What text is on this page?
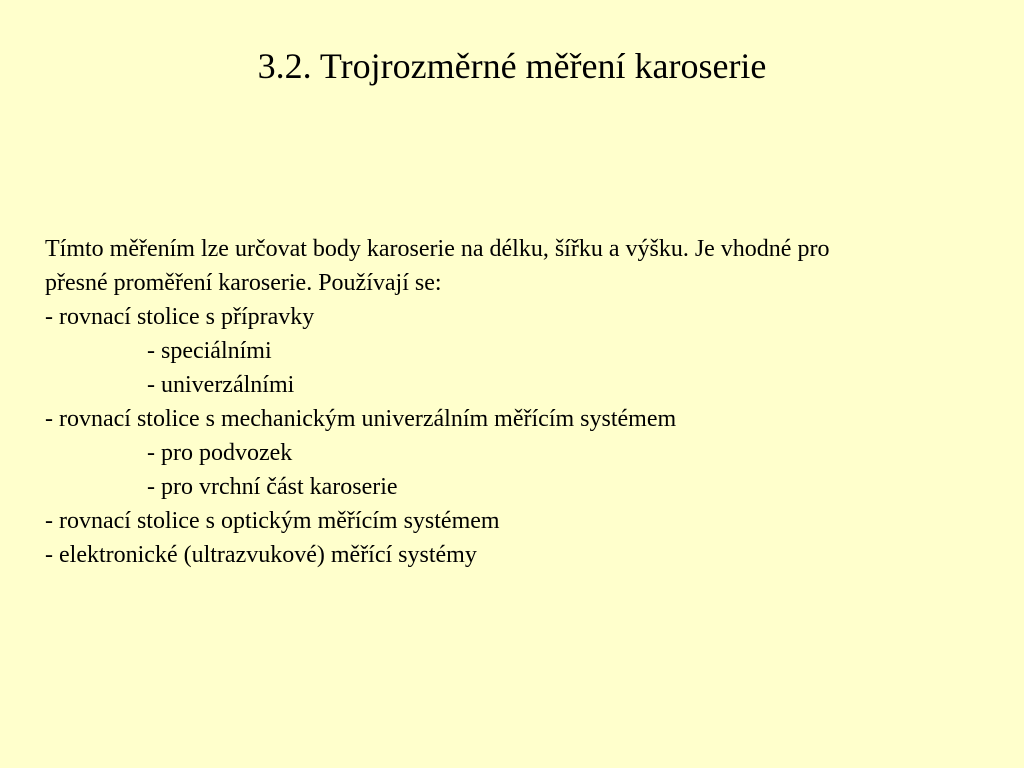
3.2. Trojrozměrné měření karoserie
Tímto měřením lze určovat body karoserie na délku, šířku a výšku. Je vhodné pro
přesné proměření karoserie. Používají se:
- rovnací stolice s přípravky
- speciálními
- univerzálními
- rovnací stolice s mechanickým univerzálním měřícím systémem
- pro podvozek
- pro vrchní část karoserie
- rovnací stolice s optickým měřícím systémem
- elektronické (ultrazvukové) měřící systémy
